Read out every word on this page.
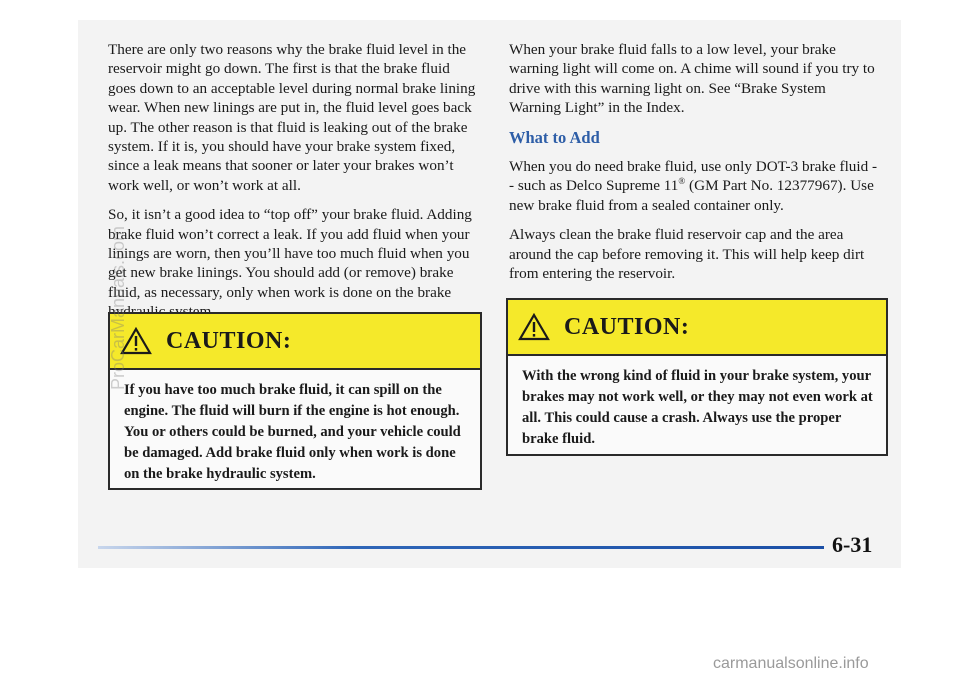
There are only two reasons why the brake fluid level in the reservoir might go down. The first is that the brake fluid goes down to an acceptable level during normal brake lining wear. When new linings are put in, the fluid level goes back up. The other reason is that fluid is leaking out of the brake system. If it is, you should have your brake system fixed, since a leak means that sooner or later your brakes won’t work well, or won’t work at all.

So, it isn’t a good idea to “top off” your brake fluid. Adding brake fluid won’t correct a leak. If you add fluid when your linings are worn, then you’ll have too much fluid when you get new brake linings. You should add (or remove) brake fluid, as necessary, only when work is done on the brake

CAUTION:
If you have too much brake fluid, it can spill on the engine. The fluid will burn if the engine is hot enough. You or others could be burned, and your vehicle could be damaged. Add brake fluid only when work is done on the brake hydraulic system.

When your brake fluid falls to a low level, your brake warning light will come on. A chime will sound if you try to drive with this warning light on. See “Brake System Warning Light” in the Index.

What to Add

When you do need brake fluid, use only DOT-3 brake fluid -- such as Delco Supreme 11® (GM Part No. 12377967). Use new brake fluid from a sealed container only.

Always clean the brake fluid reservoir cap and the area around the cap before removing it. This will help keep dirt from entering the reservoir.

CAUTION:
With the wrong kind of fluid in your brake system, your brakes may not work well, or they may not even work at all. This could cause a crash. Always use the proper brake fluid.
6-31
ProCarManuals.com
carmanualsonline.info
